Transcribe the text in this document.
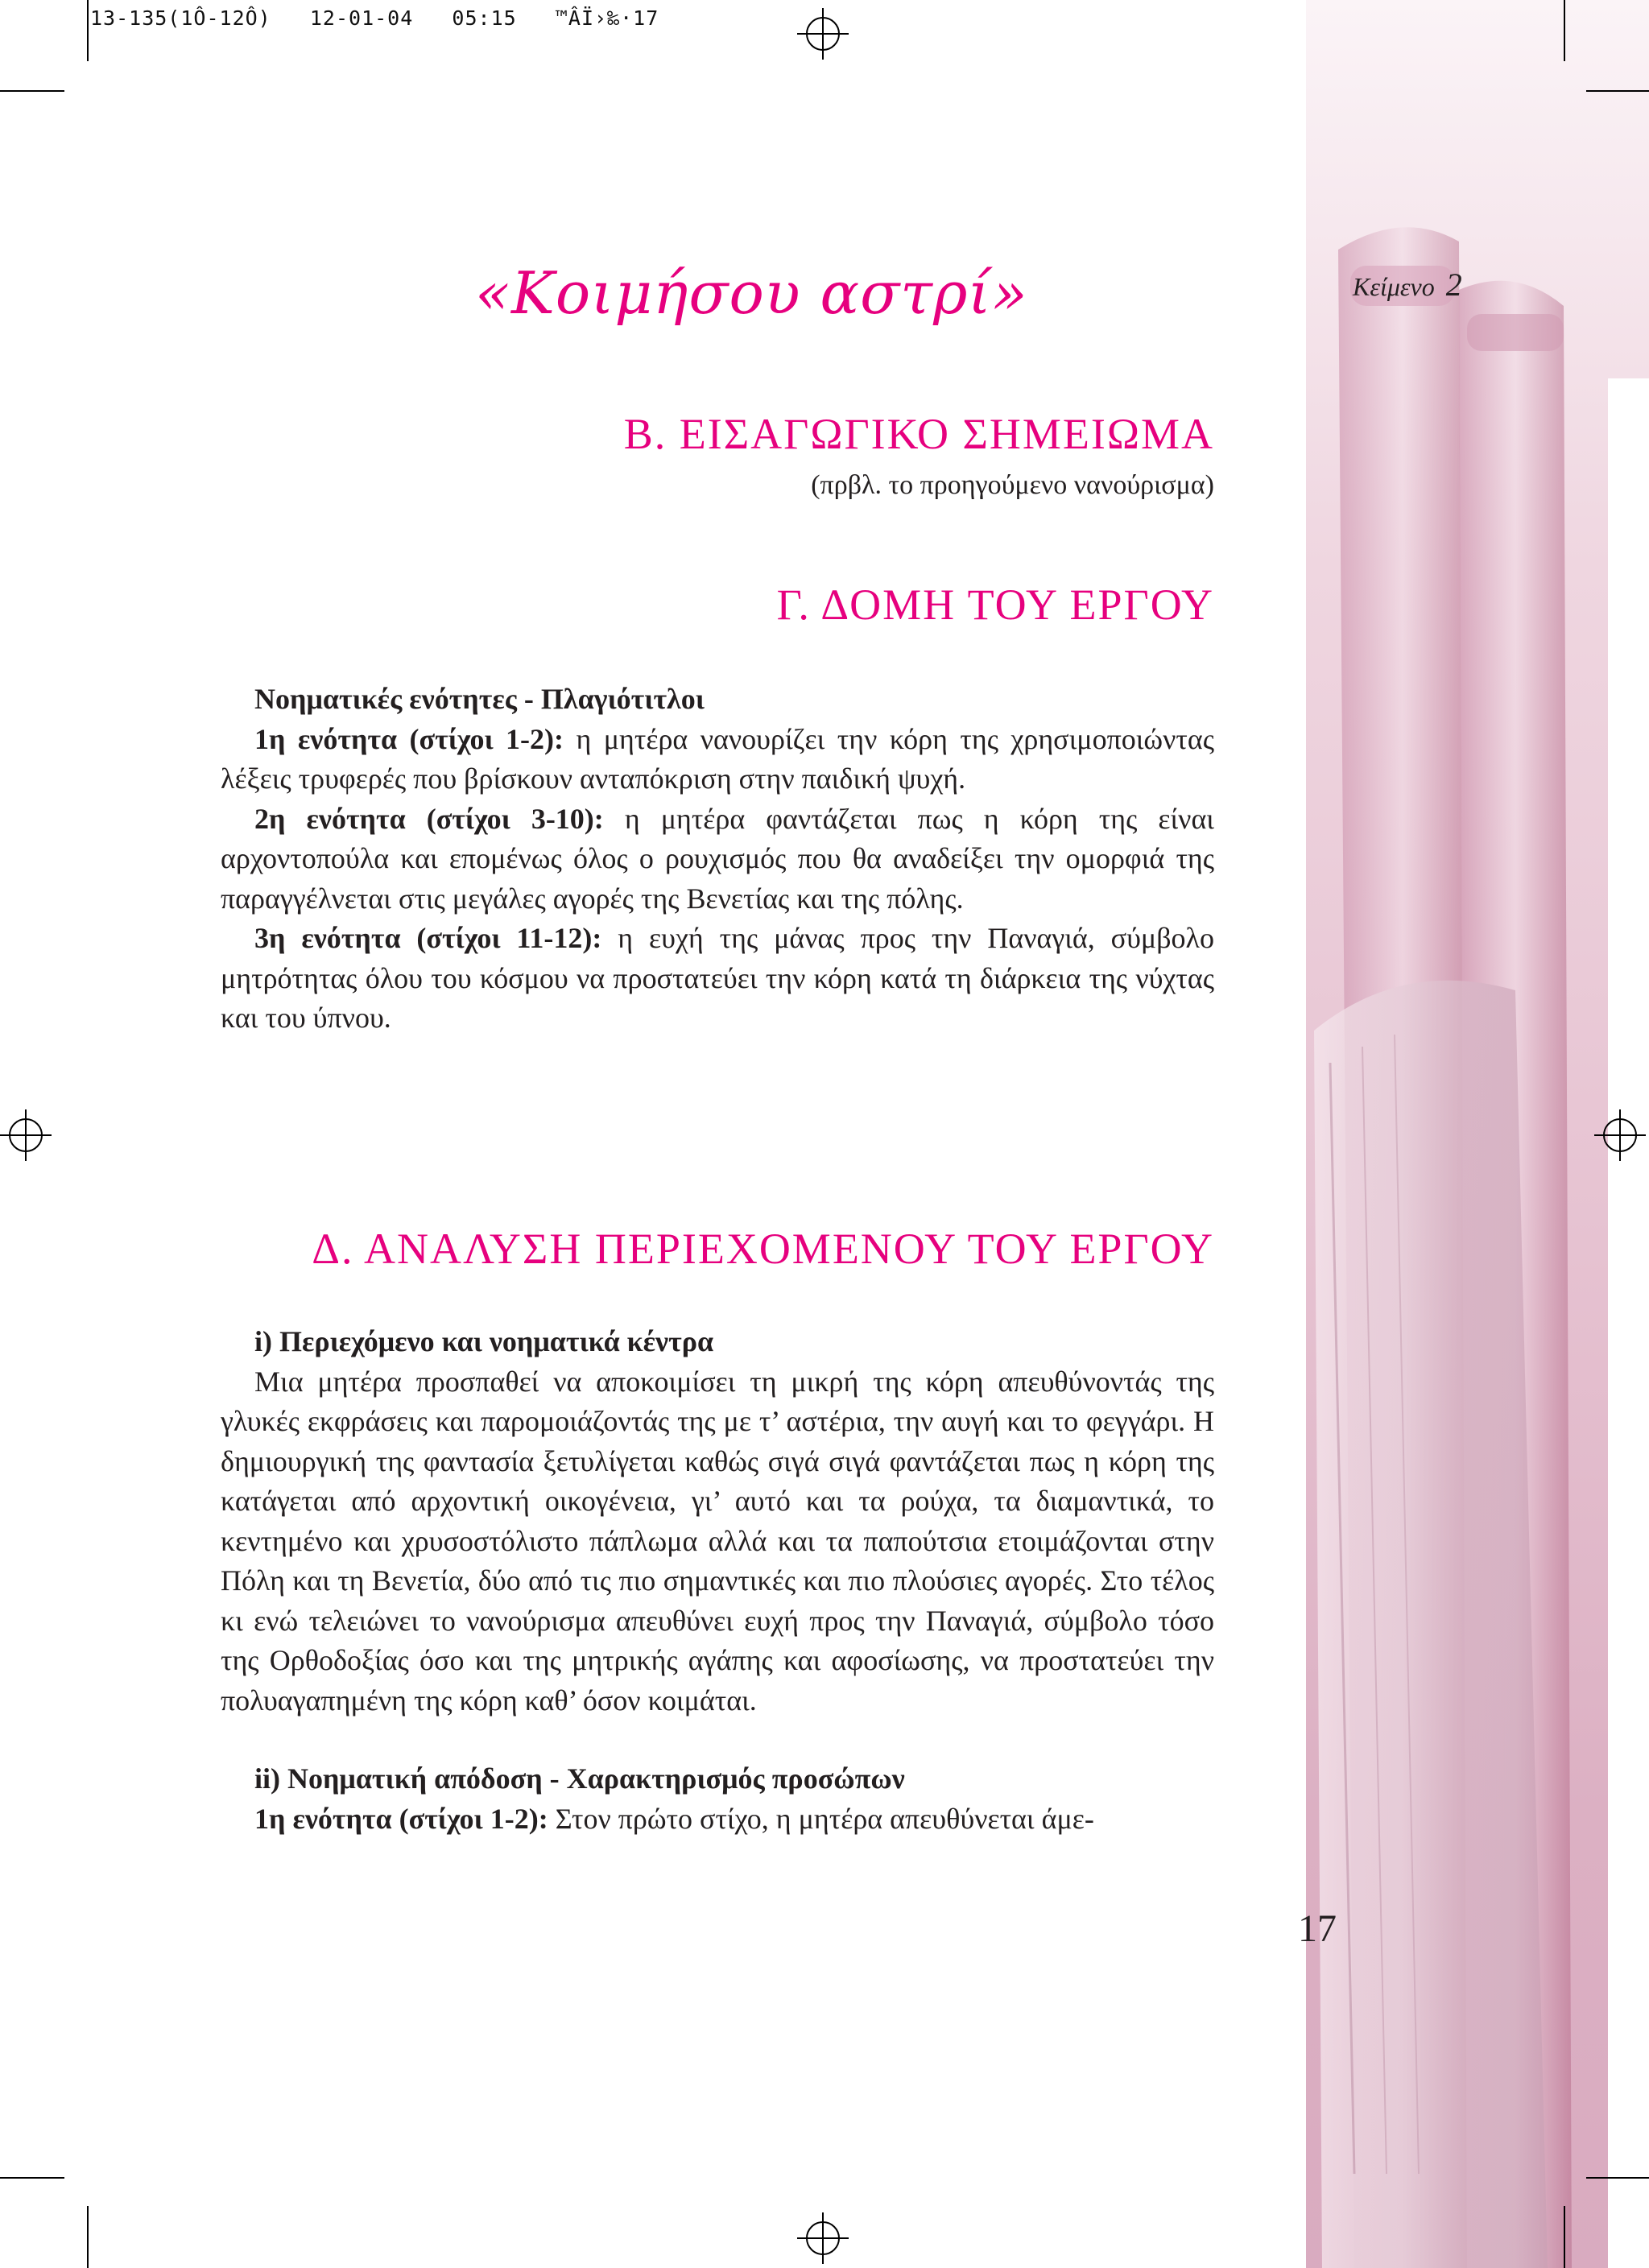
13-135(1Ô-12Ô)   12-01-04   05:15   ™ÂÏ›‰·17
Κείμενο 2
«Κοιμήσου αστρί»
Β. ΕΙΣΑΓΩΓΙΚΟ ΣΗΜΕΙΩΜΑ
(πρβλ. το προηγούμενο νανούρισμα)
Γ. ΔΟΜΗ ΤΟΥ ΕΡΓΟΥ
Νοηματικές ενότητες - Πλαγιότιτλοι

1η ενότητα (στίχοι 1-2): η μητέρα νανουρίζει την κόρη της χρησιμοποιώντας λέξεις τρυφερές που βρίσκουν ανταπόκριση στην παιδική ψυχή.

2η ενότητα (στίχοι 3-10): η μητέρα φαντάζεται πως η κόρη της είναι αρχοντοπούλα και επομένως όλος ο ρουχισμός που θα αναδείξει την ομορφιά της παραγγέλνεται στις μεγάλες αγορές της Βενετίας και της πόλης.

3η ενότητα (στίχοι 11-12): η ευχή της μάνας προς την Παναγιά, σύμβολο μητρότητας όλου του κόσμου να προστατεύει την κόρη κατά τη διάρκεια της νύχτας και του ύπνου.

Δ. ΑΝΑΛΥΣΗ ΠΕΡΙΕΧΟΜΕΝΟΥ ΤΟΥ ΕΡΓΟΥ
i) Περιεχόμενο και νοηματικά κέντρα

Μια μητέρα προσπαθεί να αποκοιμίσει τη μικρή της κόρη απευθύνοντάς της γλυκές εκφράσεις και παρομοιάζοντάς της με τ’ αστέρια, την αυγή και το φεγγάρι. Η δημιουργική της φαντασία ξετυλίγεται καθώς σιγά σιγά φαντάζεται πως η κόρη της κατάγεται από αρχοντική οικογένεια, γι’ αυτό και τα ρούχα, τα διαμαντικά, το κεντημένο και χρυσοστόλιστο πάπλωμα αλλά και τα παπούτσια ετοιμάζονται στην Πόλη και τη Βενετία, δύο από τις πιο σημαντικές και πιο πλούσιες αγορές. Στο τέλος κι ενώ τελειώνει το νανούρισμα απευθύνει ευχή προς την Παναγιά, σύμβολο τόσο της Ορθοδοξίας όσο και της μητρικής αγάπης και αφοσίωσης, να προστατεύει την πολυαγαπημένη της κόρη καθ’ όσον κοιμάται.

ii) Νοηματική απόδοση - Χαρακτηρισμός προσώπων

1η ενότητα (στίχοι 1-2): Στον πρώτο στίχο, η μητέρα απευθύνεται άμε-

17
